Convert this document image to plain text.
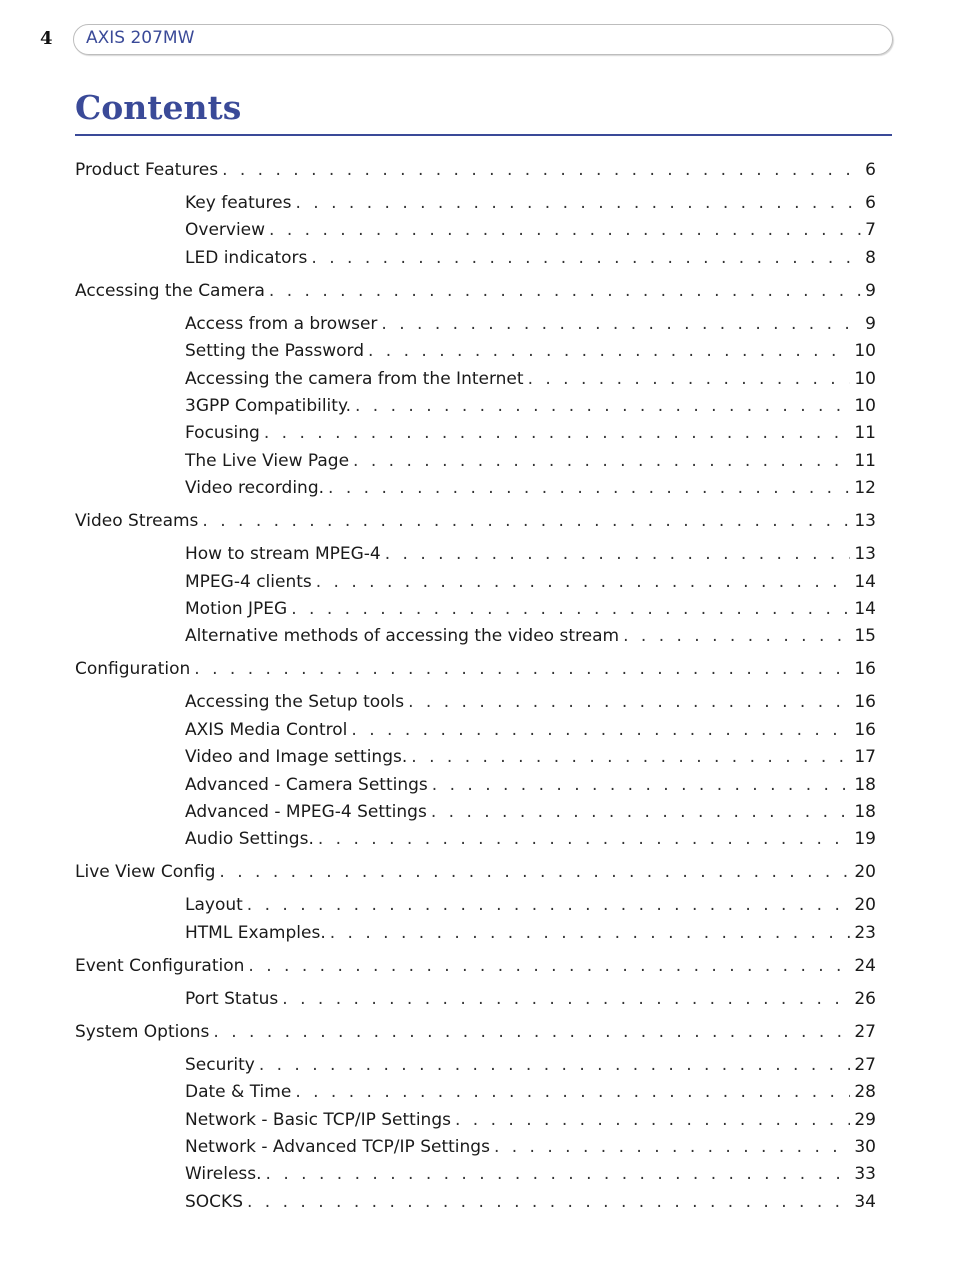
4 AXIS 207MW
Contents
Product Features . . .	6
Key features . . .	6
Overview . . .	7
LED indicators . . .	8
Accessing the Camera . . .	9
Access from a browser . . .	9
Setting the Password . . .	10
Accessing the camera from the Internet . . .	10
3GPP Compatibility. . . .	10
Focusing . . .	11
The Live View Page . . .	11
Video recording. . . .	12
Video Streams . . .	13
How to stream MPEG-4 . . .	13
MPEG-4 clients . . .	14
Motion JPEG . . .	14
Alternative methods of accessing the video stream . . .	15
Configuration . . .	16
Accessing the Setup tools . . .	16
AXIS Media Control . . .	16
Video and Image settings. . . .	17
Advanced - Camera Settings . . .	18
Advanced - MPEG-4 Settings . . .	18
Audio Settings. . . .	19
Live View Config . . .	20
Layout . . .	20
HTML Examples. . . .	23
Event Configuration . . .	24
Port Status . . .	26
System Options . . .	27
Security . . .	27
Date & Time . . .	28
Network - Basic TCP/IP Settings . . .	29
Network - Advanced TCP/IP Settings . . .	30
Wireless. . . .	33
SOCKS . . .	34
